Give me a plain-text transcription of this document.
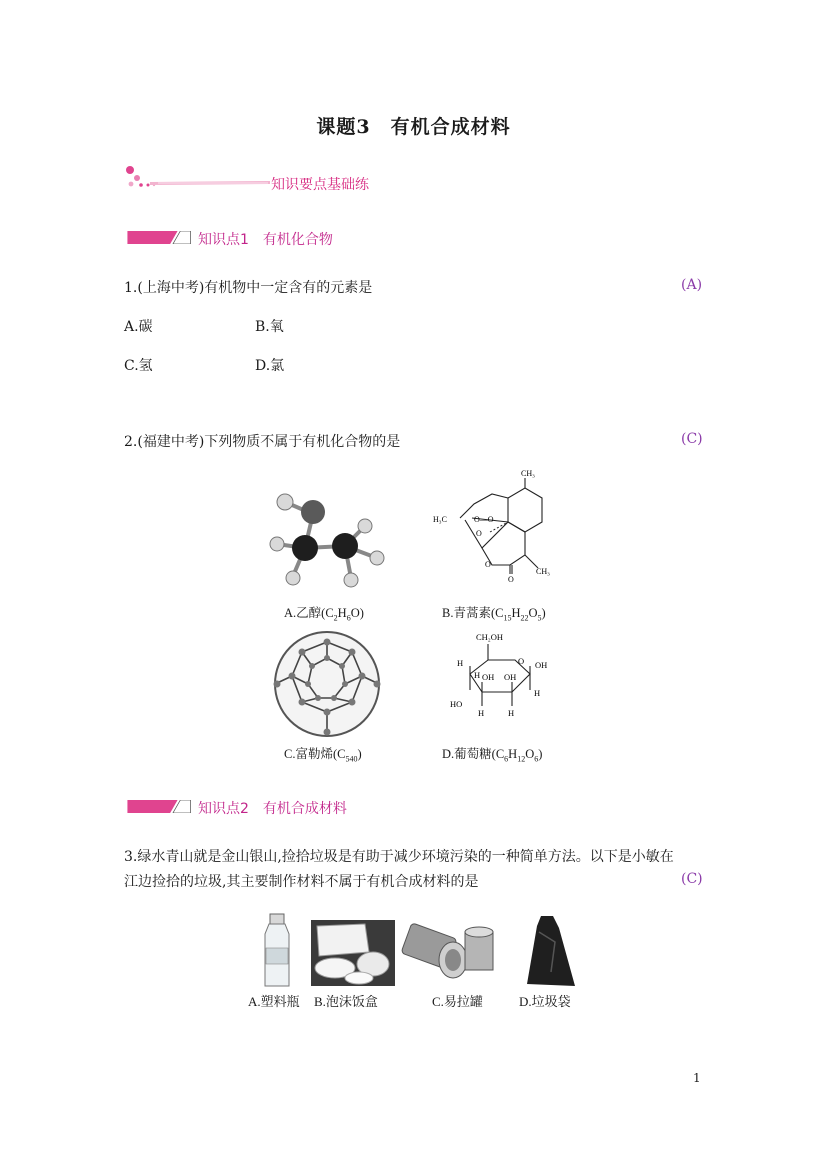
课题3　有机合成材料
知识要点基础练
知识点1　有机化合物
1.(上海中考)有机物中一定含有的元素是	(A)
A.碳	B.氧
C.氢	D.氯
2.(福建中考)下列物质不属于有机化合物的是	(C)
A.乙醇$(C_2H_6O)$
CH₃
H₃C	O—O
O
O
O
CH₃
B.青蒿素$(C_{15}H_{22}O_5)$
C.富勒烯$(C_{540})$
CH₂OH
O
H
H
OH
H
OH
HO
OH
H	H
D.葡萄糖$(C_6H_{12}O_6)$
知识点2　有机合成材料
3.绿水青山就是金山银山,捡拾垃圾是有助于减少环境污染的一种简单方法。以下是小敏在
江边捡拾的垃圾,其主要制作材料不属于有机合成材料的是	(C)
A.塑料瓶 B.泡沫饭盒	C.易拉罐	D.垃圾袋
1
